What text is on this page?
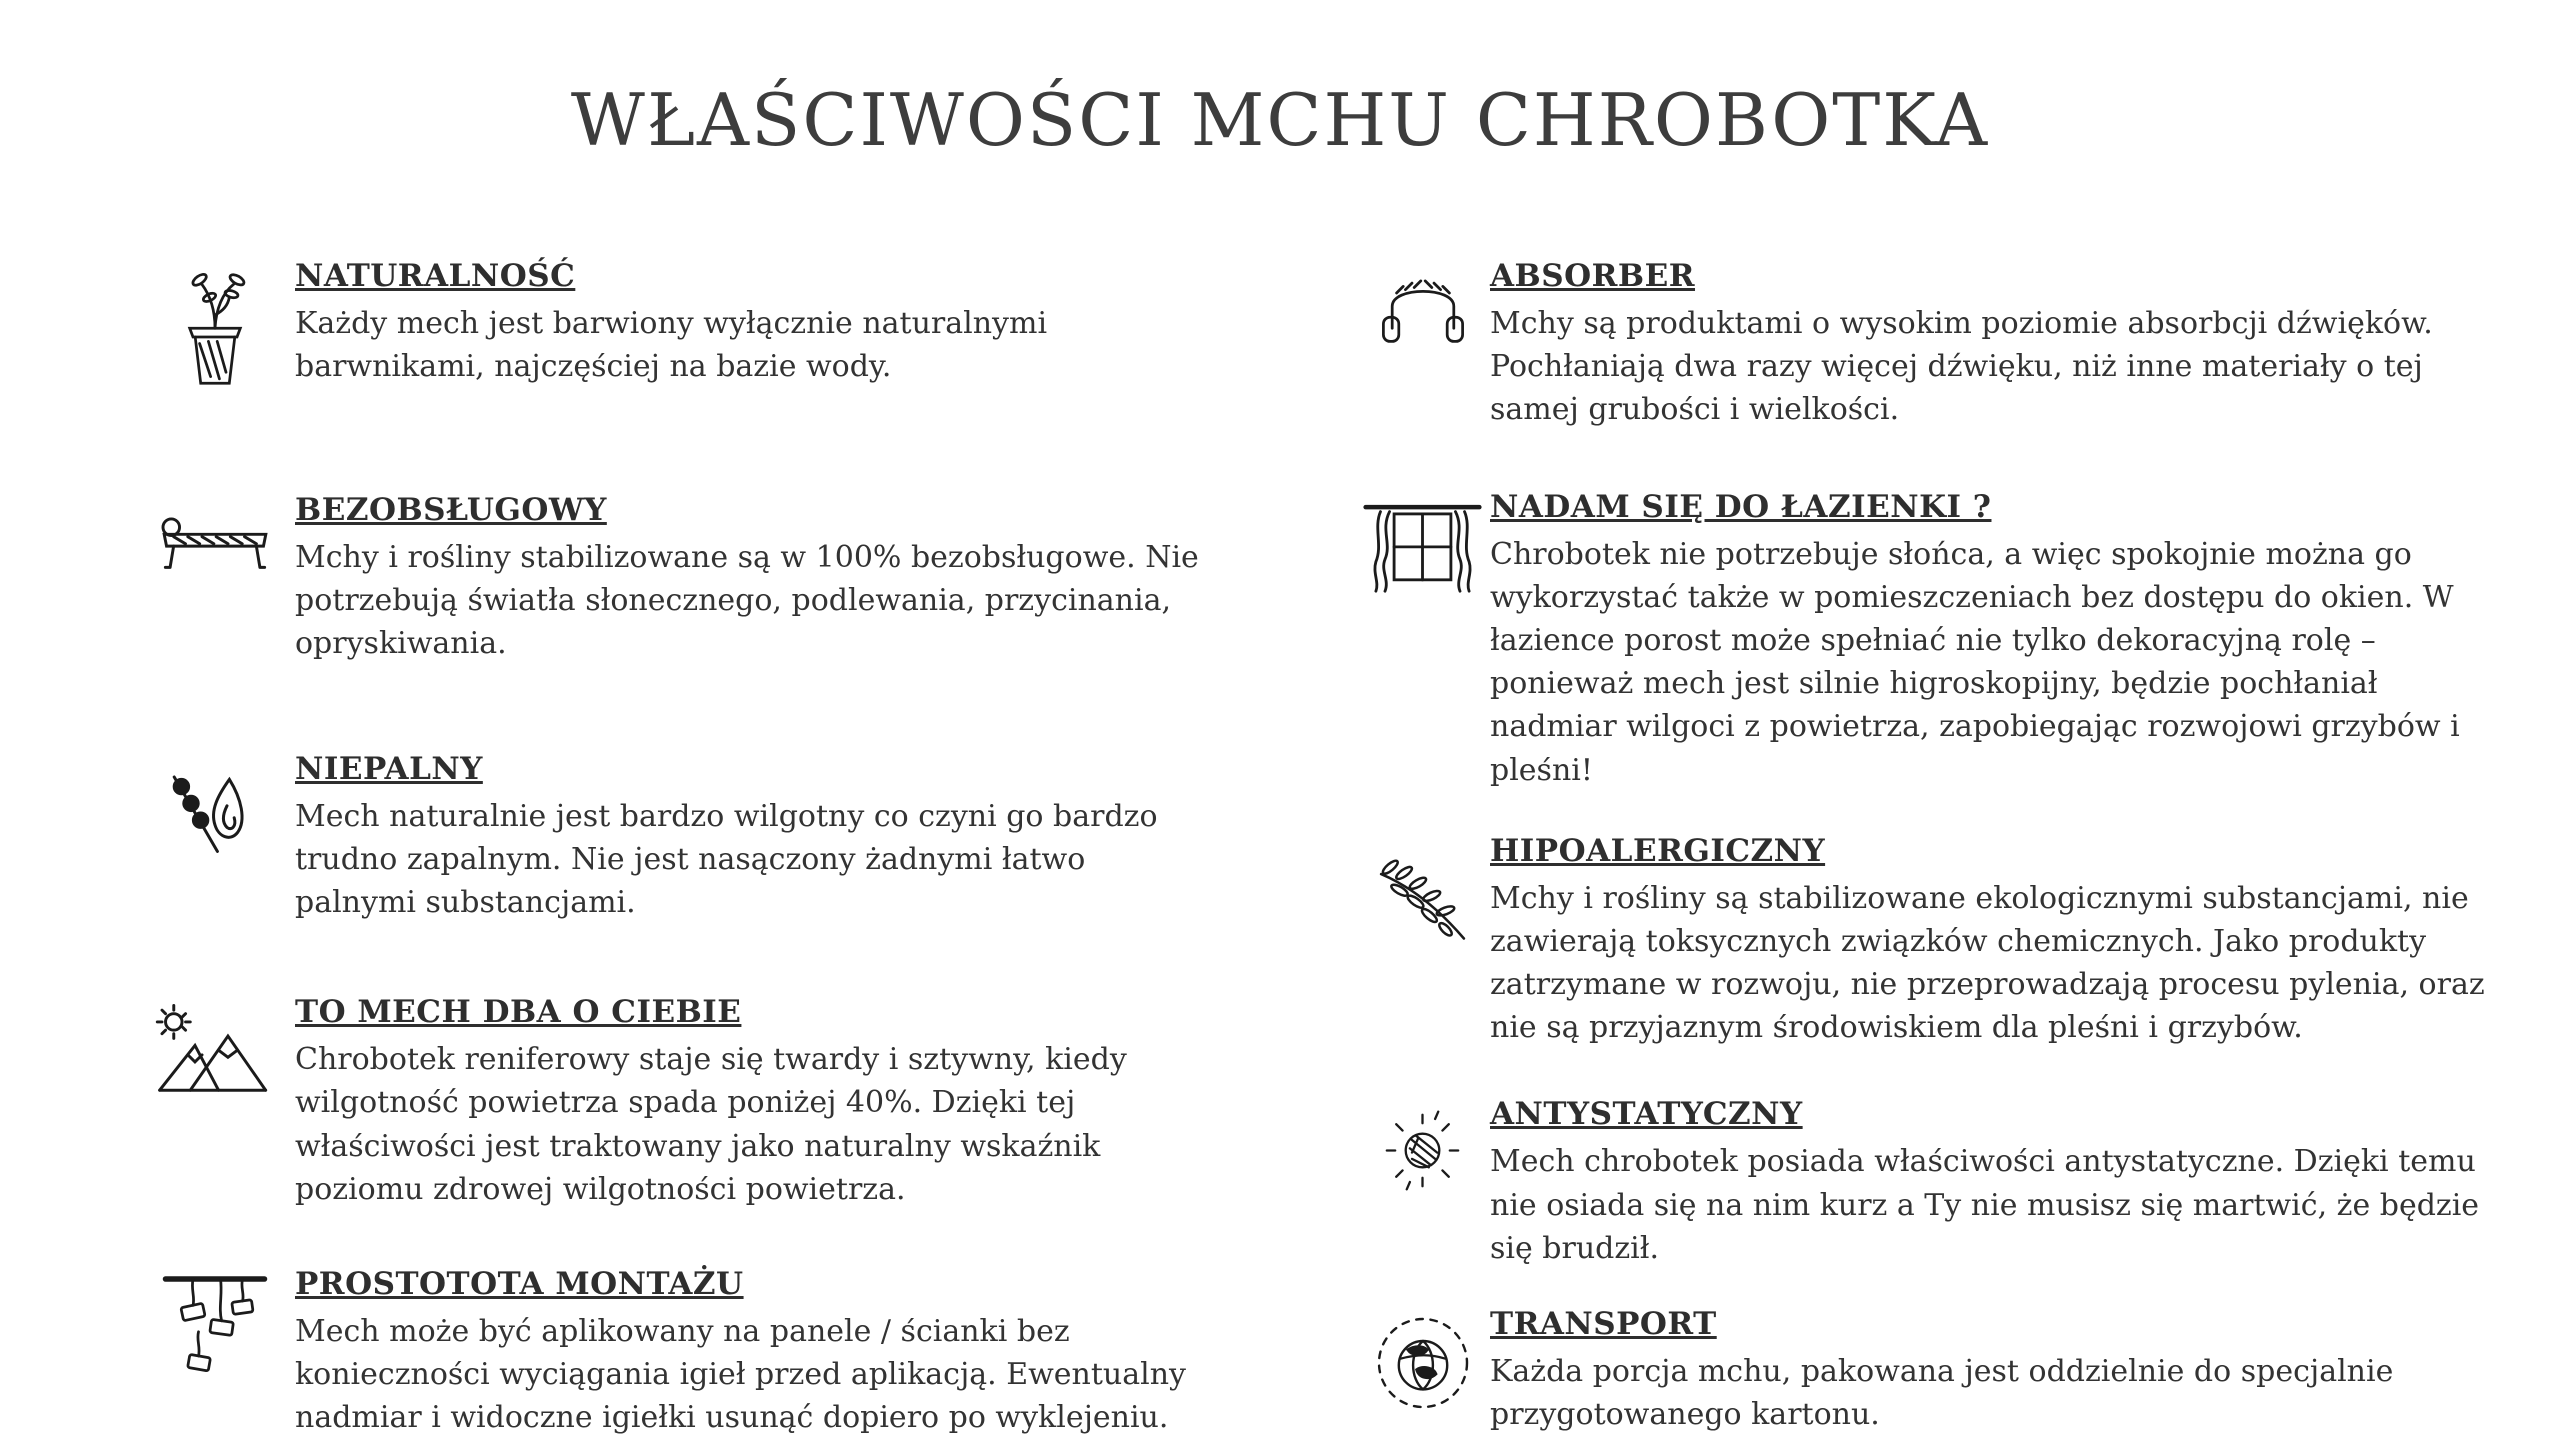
WŁAŚCIWOŚCI MCHU CHROBOTKA
NATURALNOŚĆ

Każdy mech jest barwiony wyłącznie naturalnymi barwnikami, najczęściej na bazie wody.

BEZOBSŁUGOWY

Mchy i rośliny stabilizowane są w 100% bezobsługowe. Nie potrzebują światła słonecznego, podlewania, przycinania, opryskiwania.

NIEPALNY

Mech naturalnie jest bardzo wilgotny co czyni go bardzo trudno zapalnym. Nie jest nasączony żadnymi łatwo palnymi substancjami.

TO MECH DBA O CIEBIE

Chrobotek reniferowy staje się twardy i sztywny, kiedy wilgotność powietrza spada poniżej 40%. Dzięki tej właściwości jest traktowany jako naturalny wskaźnik poziomu zdrowej wilgotności powietrza.

PROSTOTOTA MONTAŻU

Mech może być aplikowany na panele / ścianki bez konieczności wyciągania igieł przed aplikacją. Ewentualny nadmiar i widoczne igiełki usunąć dopiero po wyklejeniu.

ABSORBER

Mchy są produktami o wysokim poziomie absorbcji dźwięków. Pochłaniają dwa razy więcej dźwięku, niż inne materiały o tej samej grubości i wielkości.

NADAM SIĘ DO ŁAZIENKI ?

Chrobotek nie potrzebuje słońca, a więc spokojnie można go wykorzystać także w pomieszczeniach bez dostępu do okien. W łazience porost może spełniać nie tylko dekoracyjną rolę – ponieważ mech jest silnie higroskopijny, będzie pochłaniał nadmiar wilgoci z powietrza, zapobiegając rozwojowi grzybów i pleśni!

HIPOALERGICZNY

Mchy i rośliny są stabilizowane ekologicznymi substancjami, nie zawierają toksycznych związków chemicznych. Jako produkty zatrzymane w rozwoju, nie przeprowadzają procesu pylenia, oraz nie są przyjaznym środowiskiem dla pleśni i grzybów.

ANTYSTATYCZNY

Mech chrobotek posiada właściwości antystatyczne. Dzięki temu nie osiada się na nim kurz a Ty nie musisz się martwić, że będzie się brudził.

TRANSPORT

Każda porcja mchu, pakowana jest oddzielnie do specjalnie przygotowanego kartonu.
